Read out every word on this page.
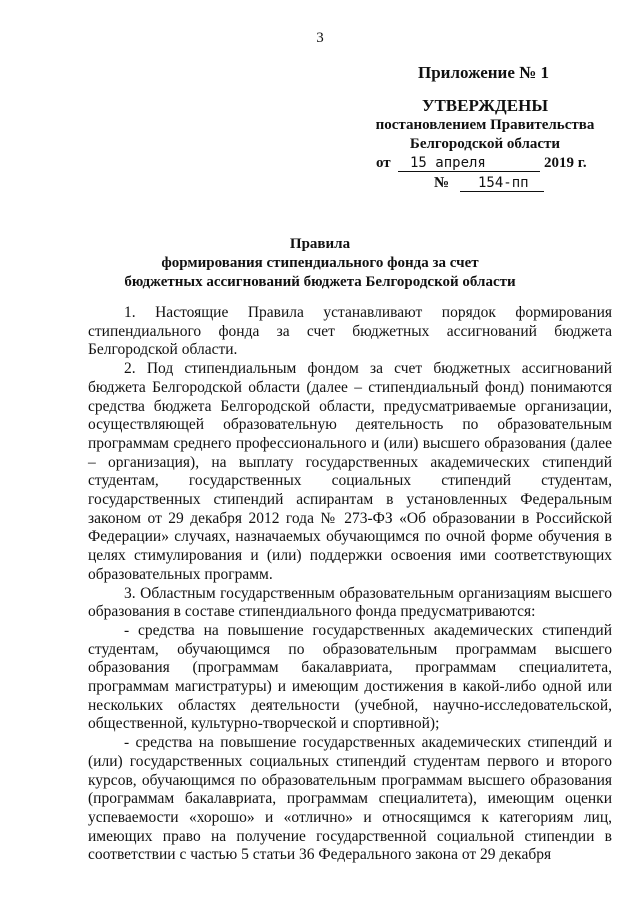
3
Приложение № 1
УТВЕРЖДЕНЫ
постановлением Правительства
Белгородской области
от 15 апреля	2019 г.
№ 154-пп
Правила
формирования стипендиального фонда за счет
бюджетных ассигнований бюджета Белгородской области

1. Настоящие Правила устанавливают порядок формирования стипендиального фонда за счет бюджетных ассигнований бюджета Белгородской области.

2. Под стипендиальным фондом за счет бюджетных ассигнований бюджета Белгородской области (далее – стипендиальный фонд) понимаются средства бюджета Белгородской области, предусматриваемые организации, осуществляющей образовательную деятельность по образовательным программам среднего профессионального и (или) высшего образования (далее – организация), на выплату государственных академических стипендий студентам, государственных социальных стипендий студентам, государственных стипендий аспирантам в установленных Федеральным законом от 29 декабря 2012 года № 273-ФЗ «Об образовании в Российской Федерации» случаях, назначаемых обучающимся по очной форме обучения в целях стимулирования и (или) поддержки освоения ими соответствующих образовательных программ.

3. Областным государственным образовательным организациям высшего образования в составе стипендиального фонда предусматриваются:

- средства на повышение государственных академических стипендий студентам, обучающимся по образовательным программам высшего образования (программам бакалавриата, программам специалитета, программам магистратуры) и имеющим достижения в какой-либо одной или нескольких областях деятельности (учебной, научно-исследовательской, общественной, культурно-творческой и спортивной);

- средства на повышение государственных академических стипендий и (или) государственных социальных стипендий студентам первого и второго курсов, обучающимся по образовательным программам высшего образования (программам бакалавриата, программам специалитета), имеющим оценки успеваемости «хорошо» и «отлично» и относящимся к категориям лиц, имеющих право на получение государственной социальной стипендии в соответствии с частью 5 статьи 36 Федерального закона от 29 декабря
